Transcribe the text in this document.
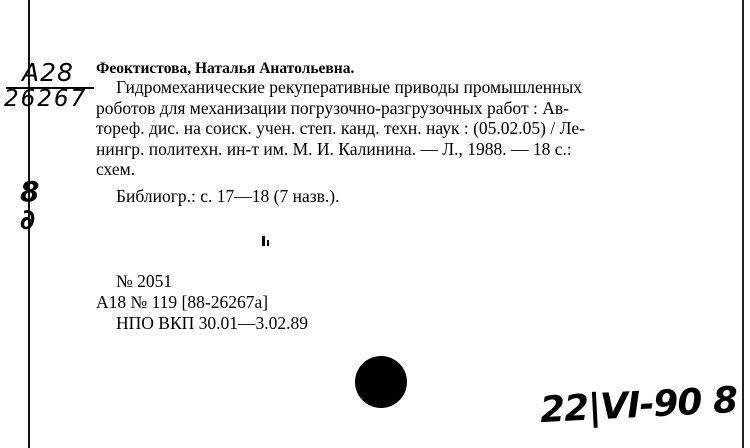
A28
26267
8
∂
Феоктистова, Наталья Анатольевна.
Гидромеханические рекуперативные приводы промышленных
роботов для механизации погрузочно-разгрузочных работ : Ав-
тореф. дис. на соиск. учен. степ. канд. техн. наук : (05.02.05) / Ле-
нингр. политехн. ин-т им. М. И. Калинина. — Л., 1988. — 18 с.:
схем.
Библиогр.: с. 17—18 (7 назв.).
№ 2051
A18 № 119 [88-26267а]
НПО ВКП 30.01—3.02.89
22|VI-90 8
